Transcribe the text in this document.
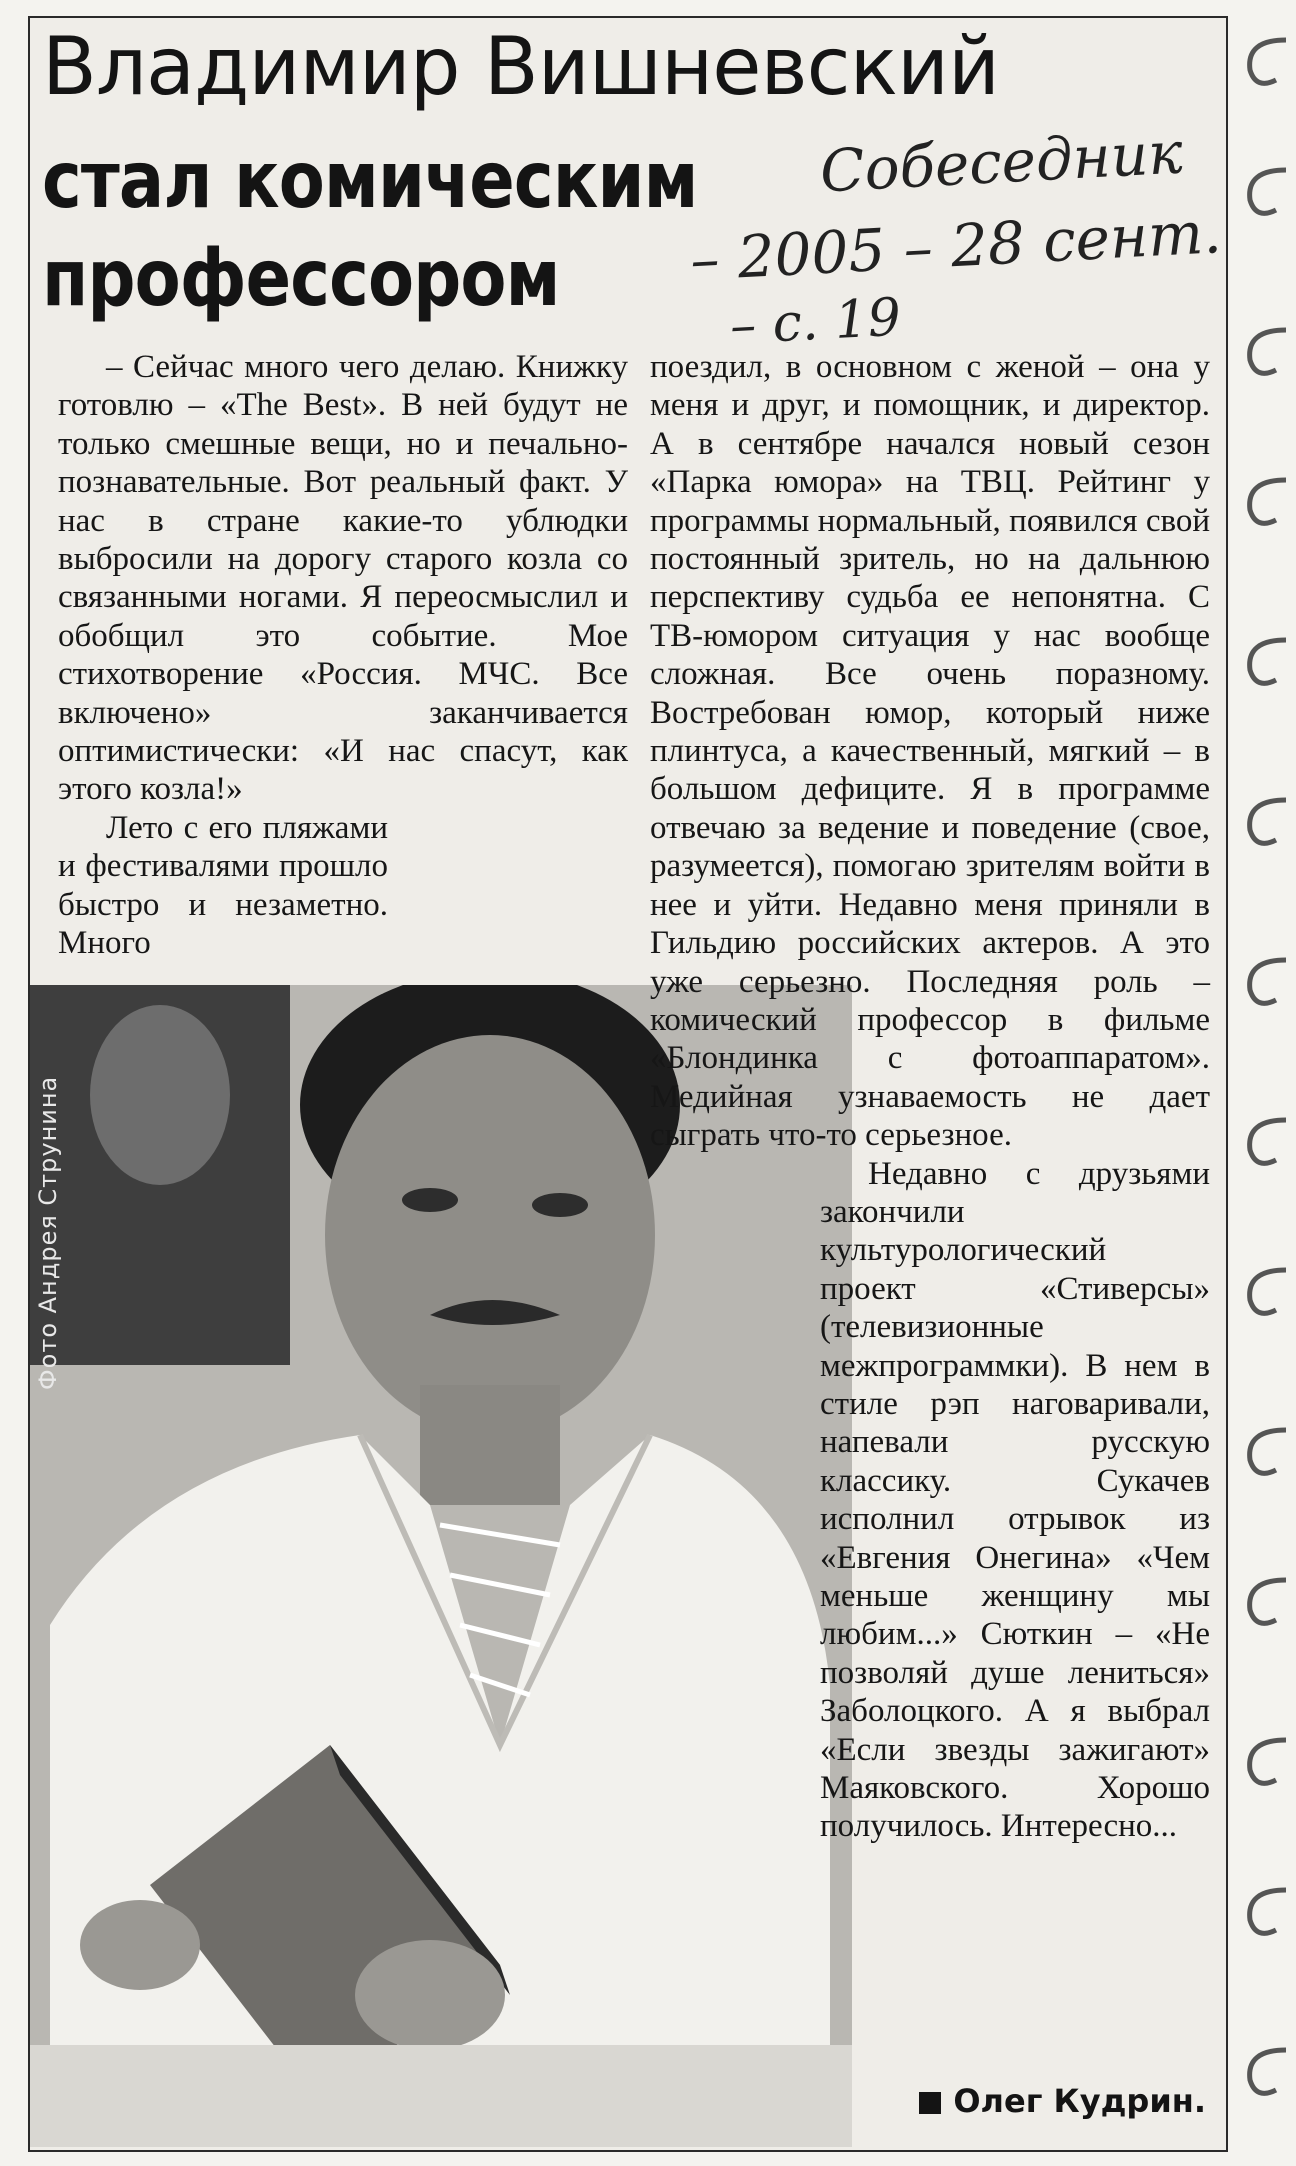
Владимир Вишневский
стал комическим
профессором
Собеседник
– 2005 – 28 сент.
– с. 19
Фото Андрея Струнина

– Сейчас много чего делаю. Книжку готовлю – «The Best». В ней будут не только смешные вещи, но и печально-познавательные. Вот реальный факт. У нас в стране какие-то ублюдки выбросили на дорогу старого козла со связанными ногами. Я переосмыслил и обобщил это событие. Мое стихотворение «Россия. МЧС. Все включено» заканчивается оптимистически: «И нас спасут, как этого козла!»

Лето с его пляжами и фестивалями прошло быстро и незаметно. Много

поездил, в основном с женой – она у меня и друг, и помощник, и директор. А в сентябре начался новый сезон «Парка юмора» на ТВЦ. Рейтинг у программы нормальный, появился свой постоянный зритель, но на дальнюю перспективу судьба ее непонятна. С ТВ-юмором ситуация у нас вообще сложная. Все очень поразному. Востребован юмор, который ниже плинтуса, а качественный, мягкий – в большом дефиците. Я в программе отвечаю за ведение и поведение (свое, разумеется), помогаю зрителям войти в нее и уйти. Недавно меня приняли в Гильдию российских актеров. А это уже серьезно. Последняя роль – комический профессор в фильме «Блондинка с фотоаппаратом». Медийная узнаваемость не дает сыграть что-то серьезное.

Недавно с друзьями закончили культурологический проект «Стиверсы» (телевизионные межпрограммки). В нем в стиле рэп наговаривали, напевали русскую классику. Сукачев исполнил отрывок из «Евгения Онегина» «Чем меньше женщину мы любим...» Сюткин – «Не позволяй душе лениться» Заболоцкого. А я выбрал «Если звезды зажигают» Маяковского. Хорошо получилось. Интересно...

Олег Кудрин.
